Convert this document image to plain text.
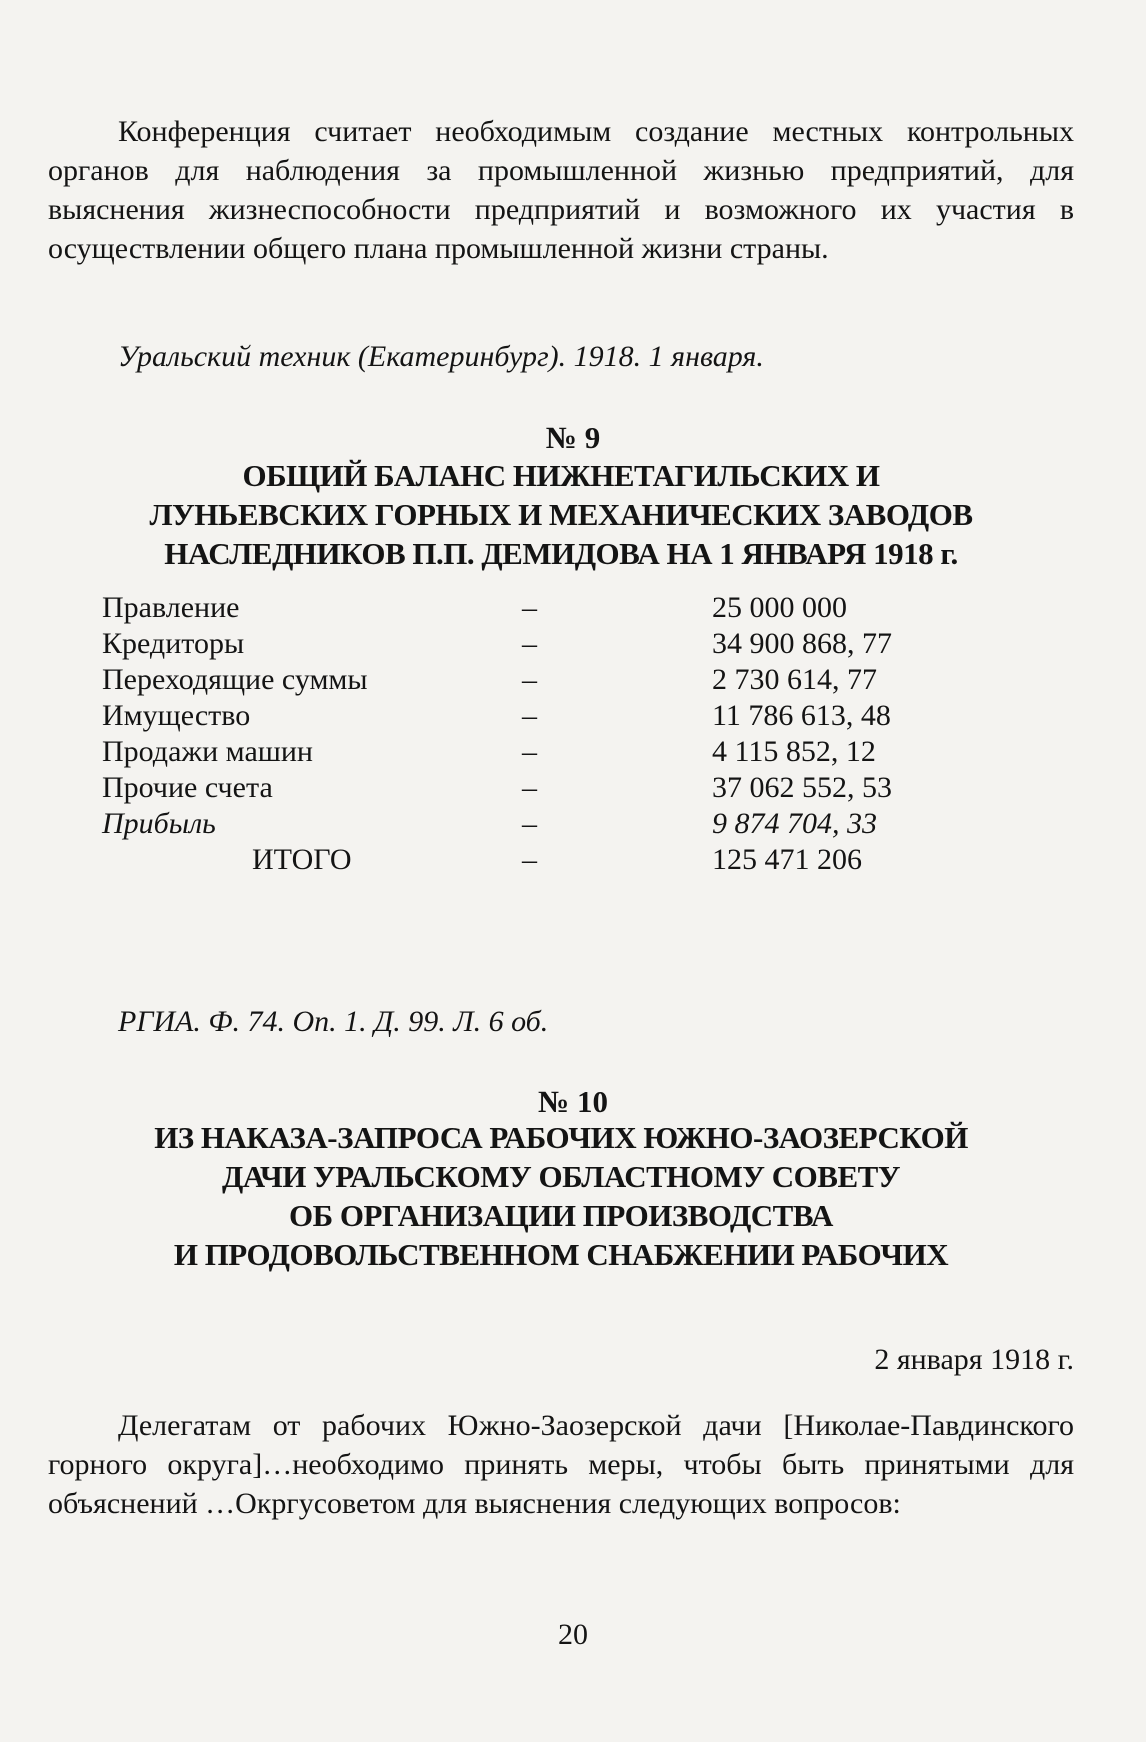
Конференция считает необходимым создание местных контрольных органов для наблюдения за промышленной жизнью предприятий, для выяснения жизнеспособности предприятий и возможного их участия в осуществлении общего плана промышленной жизни страны.

Уральский техник (Екатеринбург). 1918. 1 января.
№ 9
ОБЩИЙ БАЛАНС НИЖНЕТАГИЛЬСКИХ И
ЛУНЬЕВСКИХ ГОРНЫХ И МЕХАНИЧЕСКИХ ЗАВОДОВ
НАСЛЕДНИКОВ П.П. ДЕМИДОВА НА 1 ЯНВАРЯ 1918 г.
Правление	–	25 000 000
Кредиторы	–	34 900 868, 77
Переходящие суммы	–	2 730 614, 77
Имущество	–	11 786 613, 48
Продажи машин	–	4 115 852, 12
Прочие счета	–	37 062 552, 53
Прибыль	–	9 874 704, 33
ИТОГО	–	125 471 206
РГИА. Ф. 74. Оп. 1. Д. 99. Л. 6 об.
№ 10
ИЗ НАКАЗА-ЗАПРОСА РАБОЧИХ ЮЖНО-ЗАОЗЕРСКОЙ
ДАЧИ УРАЛЬСКОМУ ОБЛАСТНОМУ СОВЕТУ
ОБ ОРГАНИЗАЦИИ ПРОИЗВОДСТВА
И ПРОДОВОЛЬСТВЕННОМ СНАБЖЕНИИ РАБОЧИХ
2 января 1918 г.

Делегатам от рабочих Южно-Заозерской дачи [Николае-Павдинского горного округа]…необходимо принять меры, чтобы быть принятыми для объяснений …Окргусоветом для выяснения следующих вопросов:

20
